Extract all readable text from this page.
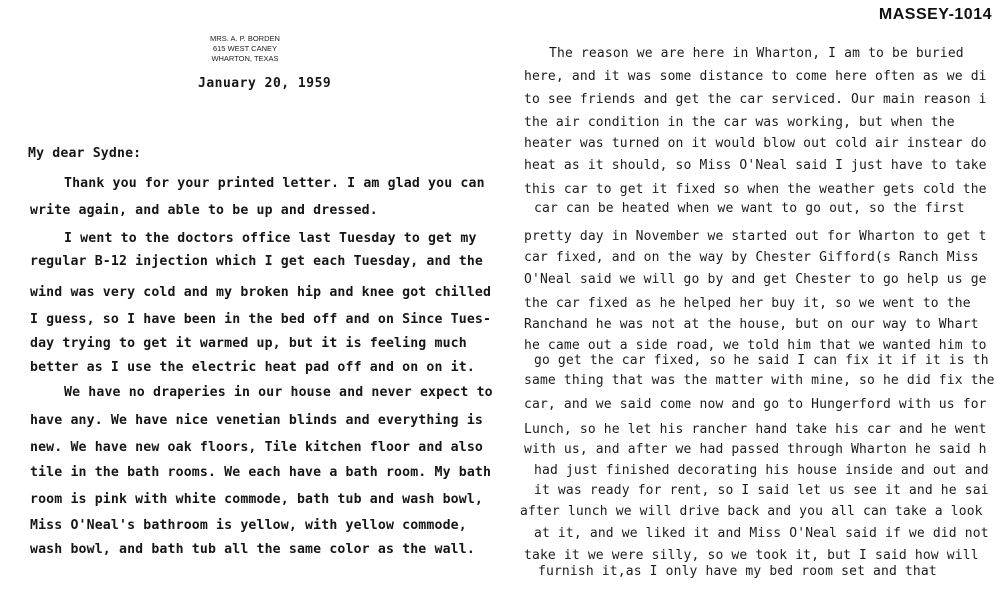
MRS. A. P. BORDEN
615 WEST CANEY
WHARTON, TEXAS
January 20, 1959
My dear Sydne:
Thank you for your printed letter. I am glad you can
write again, and able to be up and dressed.
I went to the doctors office last Tuesday to get my
regular B-12 injection which I get each Tuesday, and the
wind was very cold and my broken hip and knee got chilled
I guess, so I have been in the bed off and on Since Tues-
day trying to get it warmed up, but it is feeling much
better as I use the electric heat pad off and on on it.
We have no draperies in our house and never expect to
have any. We have nice venetian blinds and everything is
new. We have new oak floors, Tile kitchen floor and also
tile in the bath rooms. We each have a bath room. My bath
room is pink with white commode, bath tub and wash bowl,
Miss O'Neal's bathroom is yellow, with yellow commode,
wash bowl, and bath tub all the same color as the wall.
MASSEY-1014
The reason we are here in Wharton, I am to be buried
here, and it was some distance to come here often as we di
to see friends and get the car serviced. Our main reason i
the air condition in the car was working, but when the
heater was turned on it would blow out cold air instear do
heat as it should, so Miss O'Neal said I just have to take
this car to get it fixed so when the weather gets cold the
car can be heated when we want to go out, so the first
pretty day in November we started out for Wharton to get t
car fixed, and on the way by Chester Gifford(s Ranch Miss
O'Neal said we will go by and get Chester to go help us ge
the car fixed as he helped her buy it, so we went to the
Ranchand he was not at the house, but on our way to Whart
he came out a side road, we told him that we wanted him to
go get the car fixed, so he said I can fix it if it is th
same thing that was the matter with mine, so he did fix the
car, and we said come now and go to Hungerford with us for
Lunch, so he let his rancher hand take his car and he went
with us, and after we had passed through Wharton he said h
had just finished decorating his house inside and out and
it was ready for rent, so I said let us see it and he sai
after lunch we will drive back and you all can take a look
at it, and we liked it and Miss O'Neal said if we did not
take it we were silly, so we took it, but I said how will
furnish it,as I only have my bed room set and that
